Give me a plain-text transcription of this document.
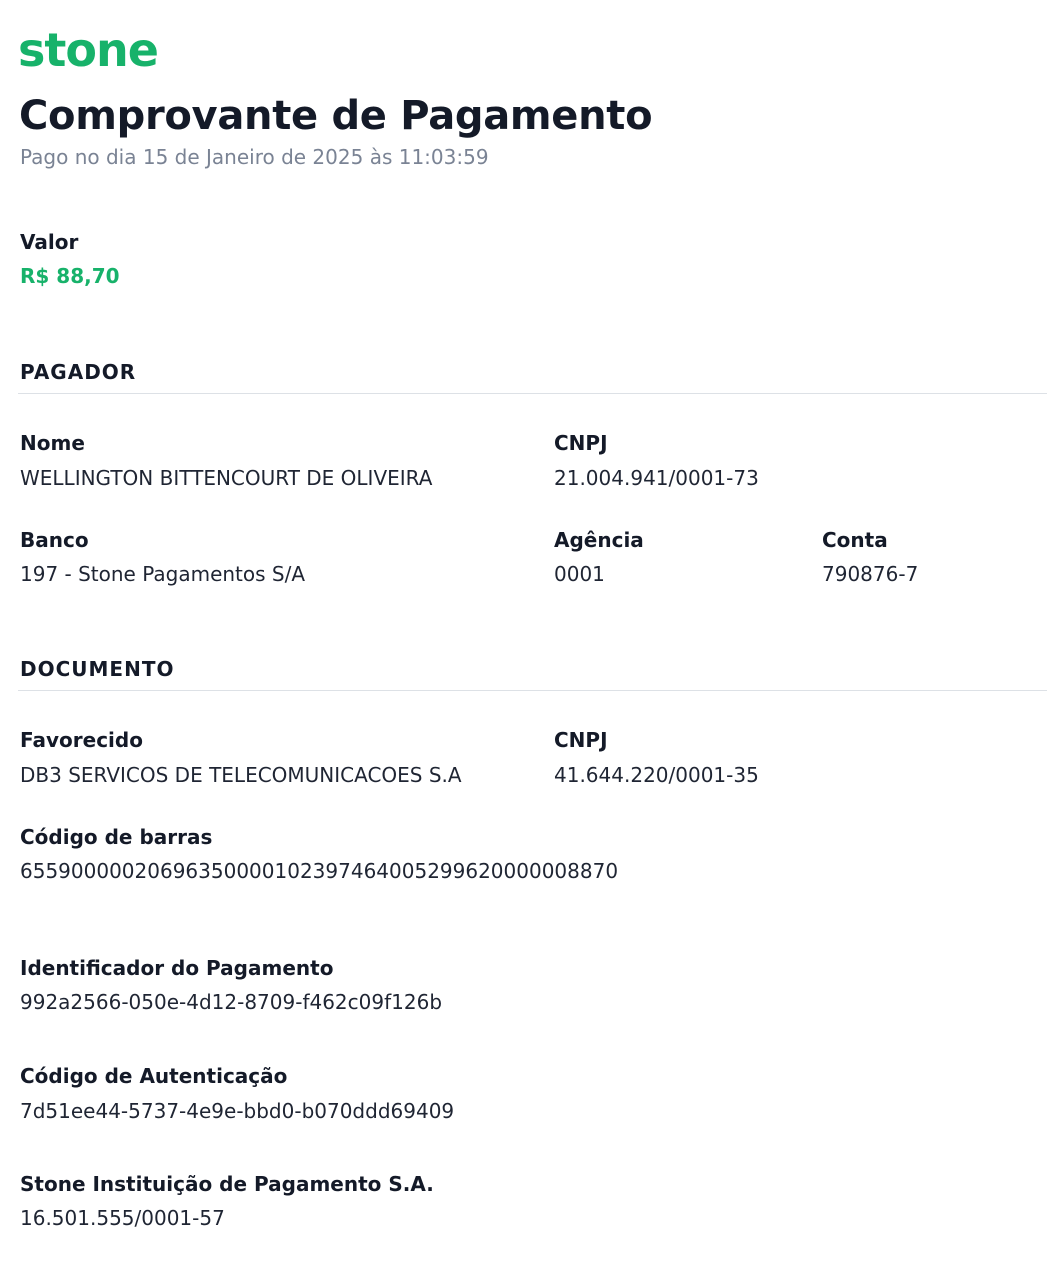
stone
Comprovante de Pagamento
Pago no dia 15 de Janeiro de 2025 às 11:03:59
Valor
R$ 88,70
PAGADOR
Nome
WELLINGTON BITTENCOURT DE OLIVEIRA
CNPJ
21.004.941/0001-73
Banco
197 - Stone Pagamentos S/A
Agência
0001
Conta
790876-7
DOCUMENTO
Favorecido
DB3 SERVICOS DE TELECOMUNICACOES S.A
CNPJ
41.644.220/0001-35
Código de barras
65590000020696350000102397464005299620000008870
Identificador do Pagamento
992a2566-050e-4d12-8709-f462c09f126b
Código de Autenticação
7d51ee44-5737-4e9e-bbd0-b070ddd69409
Stone Instituição de Pagamento S.A.
16.501.555/0001-57
